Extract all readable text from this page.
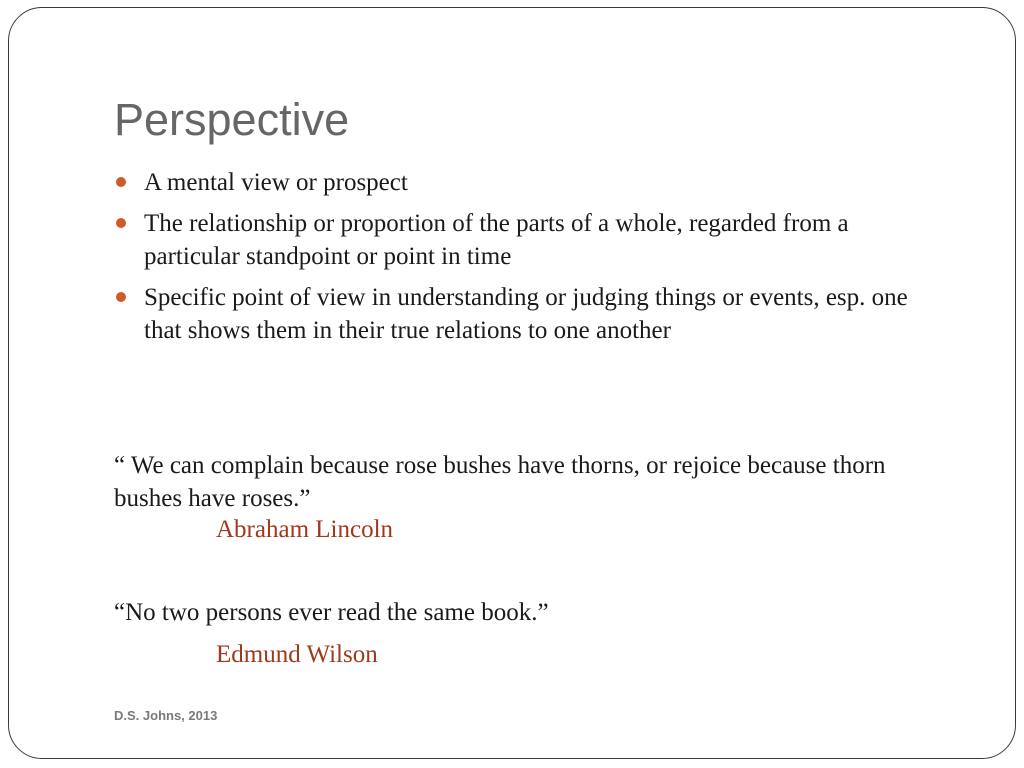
Perspective
A mental view or prospect
The relationship or proportion of the parts of a whole, regarded from a particular standpoint or point in time
Specific point of view in understanding or judging things or events, esp. one that shows them in their true relations to one another

“ We can complain because rose bushes have thorns, or rejoice because thorn bushes have roses.”

Abraham Lincoln

“No two persons ever read the same book.”

Edmund Wilson
D.S. Johns, 2013
